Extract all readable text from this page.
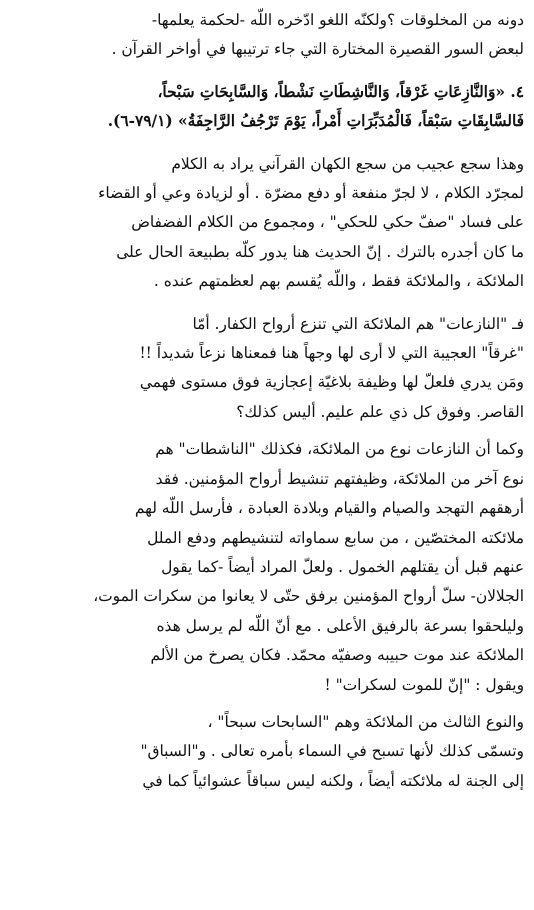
دونه من المخلوقات ؟ولكنّه اللغو ادّخره اللّه -لحكمة يعلمها-
لبعض السور القصيرة المختارة التي جاء ترتيبها في أواخر القرآن .

٤. «وَالنَّازِعَاتِ غَرْقاً، وَالنَّاشِطَاتِ نَشْطاً، وَالسَّابِحَاتِ سَبْحاً،
فَالسَّابِقَاتِ سَبْقاً، فَالْمُدَبِّرَاتِ أَمْراً، يَوْمَ تَرْجُفُ الرَّاجِفَةُ» (٧٩/١-٦).

وهذا سجع عجيب من سجع الكهان القرآني يراد به الكلام
لمجرّد الكلام ، لا لجرّ منفعة أو دفع مضرّة . أو لزيادة وعي أو القضاء
على فساد "صفّ حكي للحكي" ، ومجموع من الكلام الفضفاض
ما كان أجدره بالترك . إنّ الحديث هنا يدور كلّه بطبيعة الحال على
الملائكة ، والملائكة فقط ، واللّه يُقسم بهم لعظمتهم عنده .

فـ "النازعات" هم الملائكة التي تنزع أرواح الكفار. أمّا
"غرقاً" العجيبة التي لا أرى لها وجهاً هنا فمعناها نزعاً شديداً !!
ومَن يدري فلعلّ لها وظيفة بلاغيّة إعجازية فوق مستوى فهمي
القاصر. وفوق كل ذي علم عليم. أليس كذلك؟

وكما أن النازعات نوع من الملائكة، فكذلك "الناشطات" هم
نوع آخر من الملائكة، وظيفتهم تنشيط أرواح المؤمنين. فقد
أرهقهم التهجد والصيام والقيام وبلادة العبادة ، فأرسل اللّه لهم
ملائكته المختصّين ، من سابع سماواته لتنشيطهم ودفع الملل
عنهم قبل أن يقتلهم الخمول . ولعلّ المراد أيضاً -كما يقول
الجلالان- سلّ أرواح المؤمنين برفق حتّى لا يعانوا من سكرات الموت،
وليلحقوا بسرعة بالرفيق الأعلى . مع أنّ اللّه لم يرسل هذه
الملائكة عند موت حبيبه وصفيّه محمّد. فكان يصرخ من الألم
ويقول : "إنّ للموت لسكرات" !

والنوع الثالث من الملائكة وهم "السابحات سبحاً" ،
وتسمّى كذلك لأنها تسبح في السماء بأمره تعالى . و"السباق"
إلى الجنة له ملائكته أيضاً ، ولكنه ليس سباقاً عشوائياً كما في
